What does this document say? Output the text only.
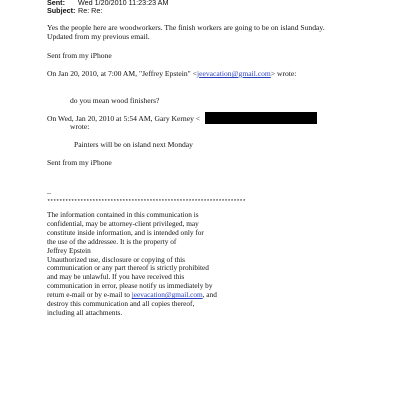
Sent: Wed 1/20/2010 11:23:23 AM
Subject: Re: Re:
Yes the people here are woodworkers. The finish workers are going to be on island Sunday.
Updated from my previous email.
Sent from my iPhone
On Jan 20, 2010, at 7:00 AM, "Jeffrey Epstein" <jeevacation@gmail.com> wrote:
do you mean wood finishers?
On Wed, Jan 20, 2010 at 5:54 AM, Gary Kerney <
wrote:
Painters will be on island next Monday
Sent from my iPhone
--
******************************************************************
The information contained in this communication is
confidential, may be attorney-client privileged, may
constitute inside information, and is intended only for
the use of the addressee. It is the property of
Jeffrey Epstein
Unauthorized use, disclosure or copying of this
communication or any part thereof is strictly prohibited
and may be unlawful. If you have received this
communication in error, please notify us immediately by
return e-mail or by e-mail to jeevacation@gmail.com, and
destroy this communication and all copies thereof,
including all attachments.
